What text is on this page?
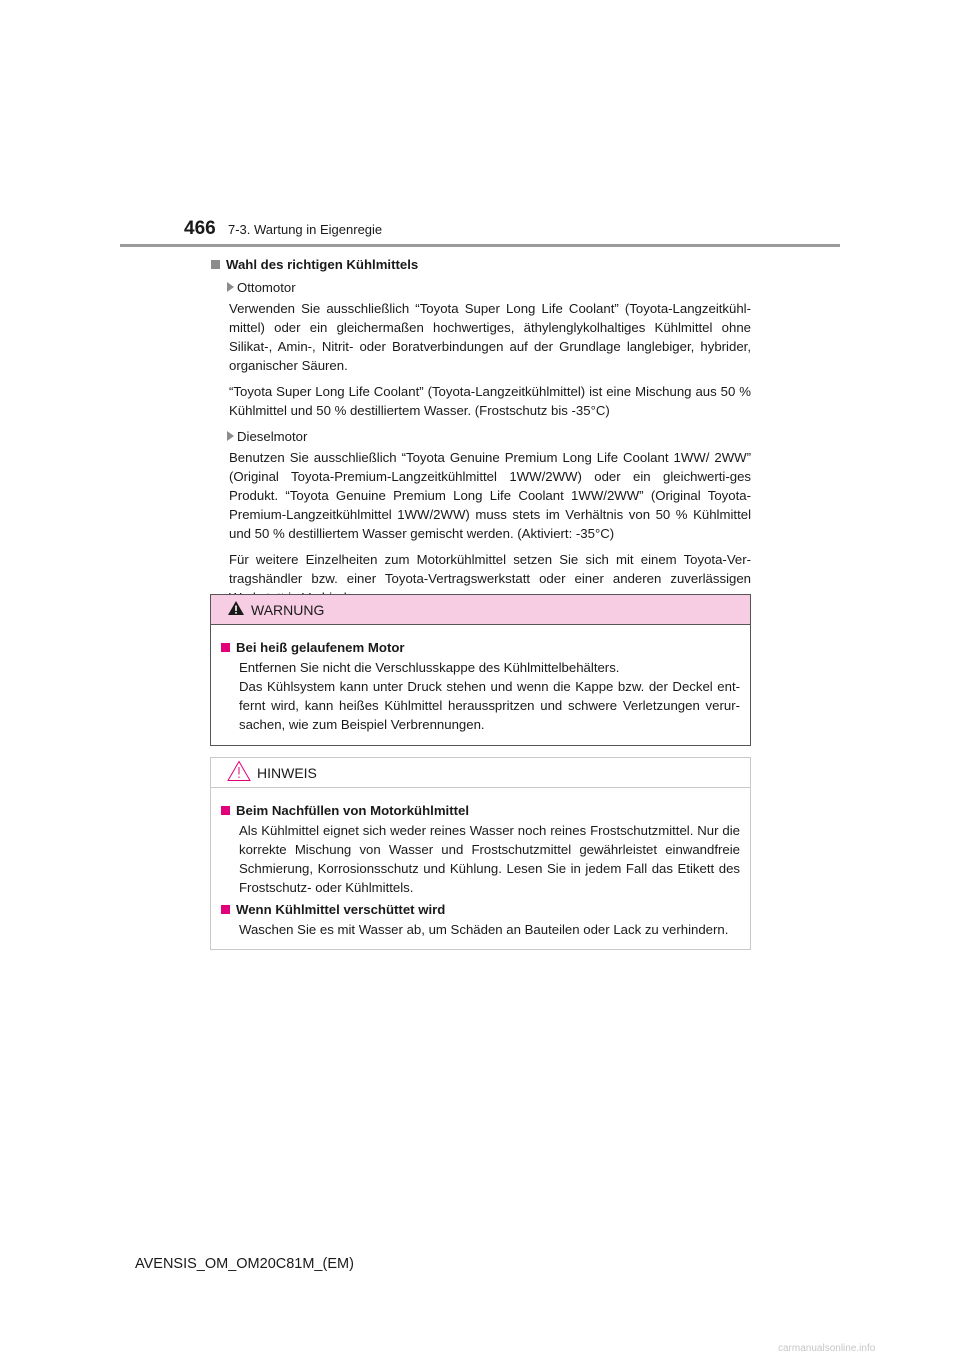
466 7-3. Wartung in Eigenregie

Wahl des richtigen Kühlmittels

Ottomotor

Verwenden Sie ausschließlich “Toyota Super Long Life Coolant” (Toyota-Langzeitkühl-mittel) oder ein gleichermaßen hochwertiges, äthylenglykolhaltiges Kühlmittel ohne Silikat-, Amin-, Nitrit- oder Boratverbindungen auf der Grundlage langlebiger, hybrider, organischer Säuren.

“Toyota Super Long Life Coolant” (Toyota-Langzeitkühlmittel) ist eine Mischung aus 50 % Kühlmittel und 50 % destilliertem Wasser. (Frostschutz bis -35°C)

Dieselmotor

Benutzen Sie ausschließlich “Toyota Genuine Premium Long Life Coolant 1WW/ 2WW” (Original Toyota-Premium-Langzeitkühlmittel 1WW/2WW) oder ein gleichwerti-ges Produkt. “Toyota Genuine Premium Long Life Coolant 1WW/2WW” (Original Toyota-Premium-Langzeitkühlmittel 1WW/2WW) muss stets im Verhältnis von 50 % Kühlmittel und 50 % destilliertem Wasser gemischt werden. (Aktiviert: -35°C)

Für weitere Einzelheiten zum Motorkühlmittel setzen Sie sich mit einem Toyota-Ver-tragshändler bzw. einer Toyota-Vertragswerkstatt oder einer anderen zuverlässigen

WARNUNG

Bei heiß gelaufenem Motor

Entfernen Sie nicht die Verschlusskappe des Kühlmittelbehälters.

Das Kühlsystem kann unter Druck stehen und wenn die Kappe bzw. der Deckel ent-fernt wird, kann heißes Kühlmittel herausspritzen und schwere Verletzungen verur-sachen, wie zum Beispiel Verbrennungen.

HINWEIS

Beim Nachfüllen von Motorkühlmittel

Als Kühlmittel eignet sich weder reines Wasser noch reines Frostschutzmittel. Nur die korrekte Mischung von Wasser und Frostschutzmittel gewährleistet einwandfreie Schmierung, Korrosionsschutz und Kühlung. Lesen Sie in jedem Fall das Etikett des Frostschutz- oder Kühlmittels.

Wenn Kühlmittel verschüttet wird

Waschen Sie es mit Wasser ab, um Schäden an Bauteilen oder Lack zu verhindern.

AVENSIS_OM_OM20C81M_(EM)
carmanualsonline.info
